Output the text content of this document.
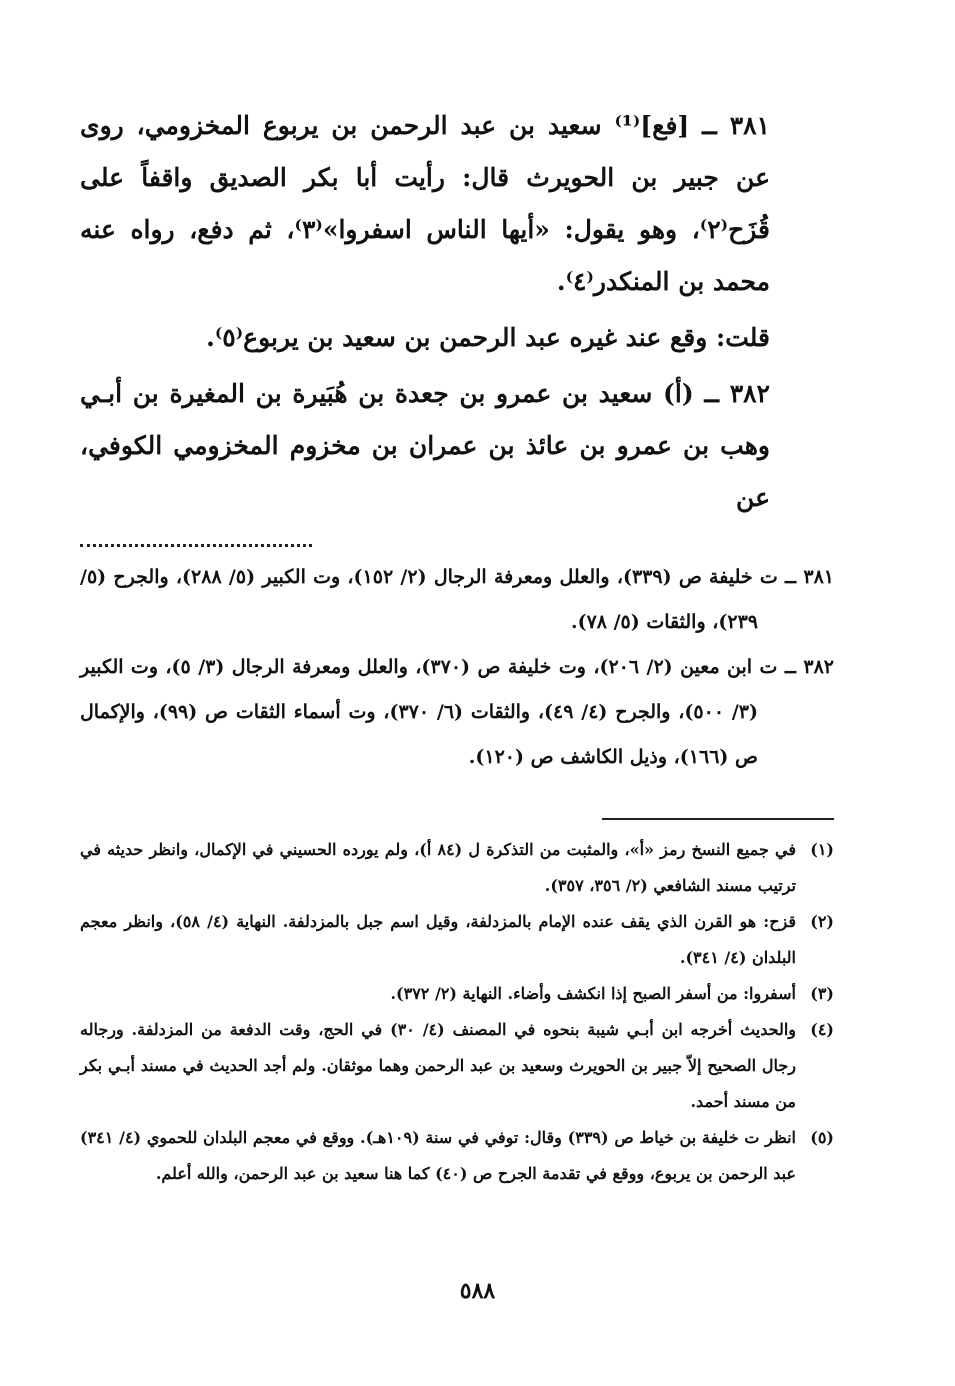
٣٨١ ــ [فع]⁽¹⁾ سعيد بن عبد الرحمن بن يربوع المخزومي، روى عن جبير بن الحويرث قال: رأيت أبا بكر الصديق واقفاً على قُزَح⁽٢⁾، وهو يقول: «أيها الناس اسفروا»⁽٣⁾، ثم دفع، رواه عنه محمد بن المنكدر⁽٤⁾.

قلت: وقع عند غيره عبد الرحمن بن سعيد بن يربوع⁽٥⁾.

٣٨٢ ــ (أ) سعيد بن عمرو بن جعدة بن هُبَيرة بن المغيرة بن أبـي وهب بن عمرو بن عائذ بن عمران بن مخزوم المخزومي الكوفي، عن

٣٨١ ــ ت خليفة ص (٣٣٩)، والعلل ومعرفة الرجال (٢/ ١٥٢)، وت الكبير (٥/ ٢٨٨)، والجرح (٥/ ٢٣٩)، والثقات (٥/ ٧٨).

٣٨٢ ــ ت ابن معين (٢/ ٢٠٦)، وت خليفة ص (٣٧٠)، والعلل ومعرفة الرجال (٣/ ٥)، وت الكبير (٣/ ٥٠٠)، والجرح (٤/ ٤٩)، والثقات (٦/ ٣٧٠)، وت أسماء الثقات ص (٩٩)، والإكمال ص (١٦٦)، وذيل الكاشف ص (١٢٠).

(١)
في جميع النسخ رمز «أ»، والمثبت من التذكرة ل (٨٤ أ)، ولم يورده الحسيني في الإكمال، وانظر حديثه في ترتيب مسند الشافعي (٢/ ٣٥٦، ٣٥٧).
(٢)
قزح: هو القرن الذي يقف عنده الإمام بالمزدلفة، وقيل اسم جبل بالمزدلفة. النهاية (٤/ ٥٨)، وانظر معجم البلدان (٤/ ٣٤١).
(٣)
أسفروا: من أسفر الصبح إذا انكشف وأضاء. النهاية (٢/ ٣٧٢).
(٤)
والحديث أخرجه ابن أبـي شيبة بنحوه في المصنف (٤/ ٣٠) في الحج، وقت الدفعة من المزدلفة. ورجاله رجال الصحيح إلاّ جبير بن الحويرث وسعيد بن عبد الرحمن وهما موثقان. ولم أجد الحديث في مسند أبـي بكر من مسند أحمد.
(٥)
انظر ت خليفة بن خياط ص (٣٣٩) وقال: توفي في سنة (١٠٩هـ). ووقع في معجم البلدان للحموي (٤/ ٣٤١) عبد الرحمن بن يربوع، ووقع في تقدمة الجرح ص (٤٠) كما هنا سعيد بن عبد الرحمن، والله أعلم.
٥٨٨
